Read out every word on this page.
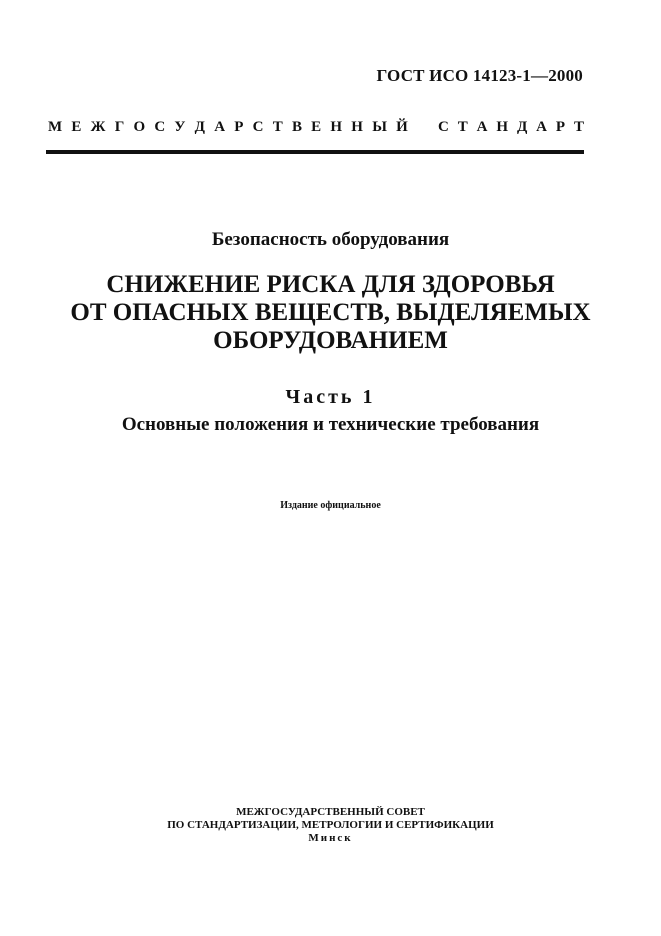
ГОСТ ИСО 14123-1—2000
М Е Ж Г О С У Д А Р С Т В Е Н Н Ы Й С Т А Н Д А Р Т
Безопасность оборудования
СНИЖЕНИЕ РИСКА ДЛЯ ЗДОРОВЬЯ
ОТ ОПАСНЫХ ВЕЩЕСТВ, ВЫДЕЛЯЕМЫХ
ОБОРУДОВАНИЕМ
Часть 1
Основные положения и технические требования
Издание официальное
МЕЖГОСУДАРСТВЕННЫЙ СОВЕТ
ПО СТАНДАРТИЗАЦИИ, МЕТРОЛОГИИ И СЕРТИФИКАЦИИ
Минск
